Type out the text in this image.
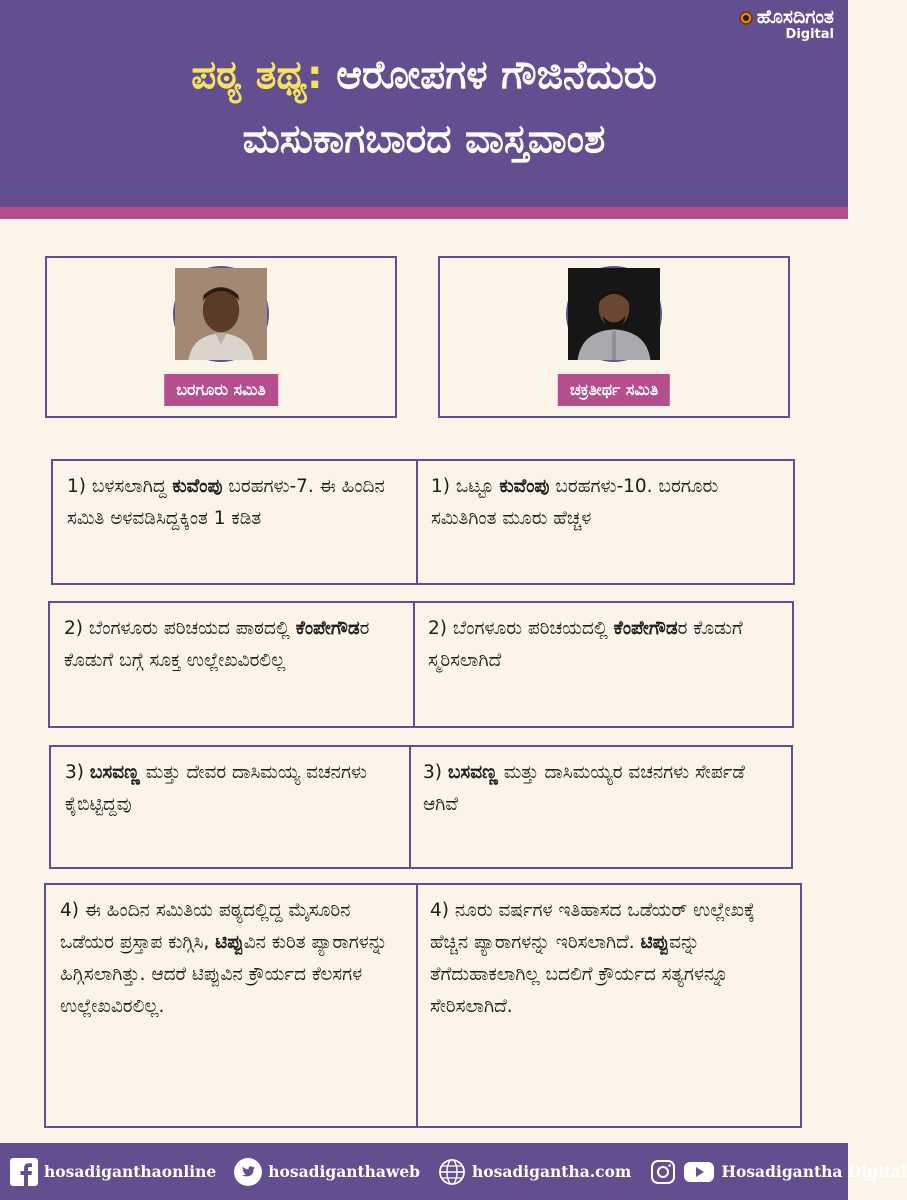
ಹೊಸದಿಗಂತ
Digital
ಪಠ್ಯ ತಥ್ಯ: ಆರೋಪಗಳ ಗೌಜಿನೆದುರು
ಮಸುಕಾಗಬಾರದ ವಾಸ್ತವಾಂಶ
ಬರಗೂರು ಸಮಿತಿ	ಚಕ್ರತೀರ್ಥ ಸಮಿತಿ
1) ಬಳಸಲಾಗಿದ್ದ ಕುವೆಂಪು ಬರಹಗಳು-7. ಈ ಹಿಂದಿನ ಸಮಿತಿ ಅಳವಡಿಸಿದ್ದಕ್ಕಿಂತ 1 ಕಡಿತ
1) ಒಟ್ಟೂ ಕುವೆಂಪು ಬರಹಗಳು-10. ಬರಗೂರು ಸಮಿತಿಗಿಂತ ಮೂರು ಹೆಚ್ಚಳ
2) ಬೆಂಗಳೂರು ಪರಿಚಯದ ಪಾಠದಲ್ಲಿ ಕೆಂಪೇಗೌಡರ ಕೊಡುಗೆ ಬಗ್ಗೆ ಸೂಕ್ತ ಉಲ್ಲೇಖವಿರಲಿಲ್ಲ
2) ಬೆಂಗಳೂರು ಪರಿಚಯದಲ್ಲಿ ಕೆಂಪೇಗೌಡರ ಕೊಡುಗೆ ಸ್ಮರಿಸಲಾಗಿದೆ
3) ಬಸವಣ್ಣ ಮತ್ತು ದೇವರ ದಾಸಿಮಯ್ಯ ವಚನಗಳು ಕೈಬಿಟ್ಟಿದ್ದವು
3) ಬಸವಣ್ಣ ಮತ್ತು ದಾಸಿಮಯ್ಯರ ವಚನಗಳು ಸೇರ್ಪಡೆ ಆಗಿವೆ
4) ಈ ಹಿಂದಿನ ಸಮಿತಿಯ ಪಠ್ಯದಲ್ಲಿದ್ದ ಮೈಸೂರಿನ ಒಡೆಯರ ಪ್ರಸ್ತಾಪ ಕುಗ್ಗಿಸಿ, ಟಿಪ್ಪುವಿನ ಕುರಿತ ಪ್ಯಾರಾಗಳನ್ನು ಹಿಗ್ಗಿಸಲಾಗಿತ್ತು. ಆದರೆ ಟಿಪ್ಪುವಿನ ಕ್ರೌರ್ಯದ ಕೆಲಸಗಳ ಉಲ್ಲೇಖವಿರಲಿಲ್ಲ.
4) ನೂರು ವರ್ಷಗಳ ಇತಿಹಾಸದ ಒಡೆಯರ್ ಉಲ್ಲೇಖಕ್ಕೆ ಹೆಚ್ಚಿನ ಪ್ಯಾರಾಗಳನ್ನು ಇರಿಸಲಾಗಿದೆ. ಟಿಪ್ಪುವನ್ನು ತೆಗೆದುಹಾಕಲಾಗಿಲ್ಲ ಬದಲಿಗೆ ಕ್ರೌರ್ಯದ ಸತ್ಯಗಳನ್ನೂ ಸೇರಿಸಲಾಗಿದೆ.
hosadiganthaonline	hosadiganthaweb	hosadigantha.com	Hosadigantha Digital
